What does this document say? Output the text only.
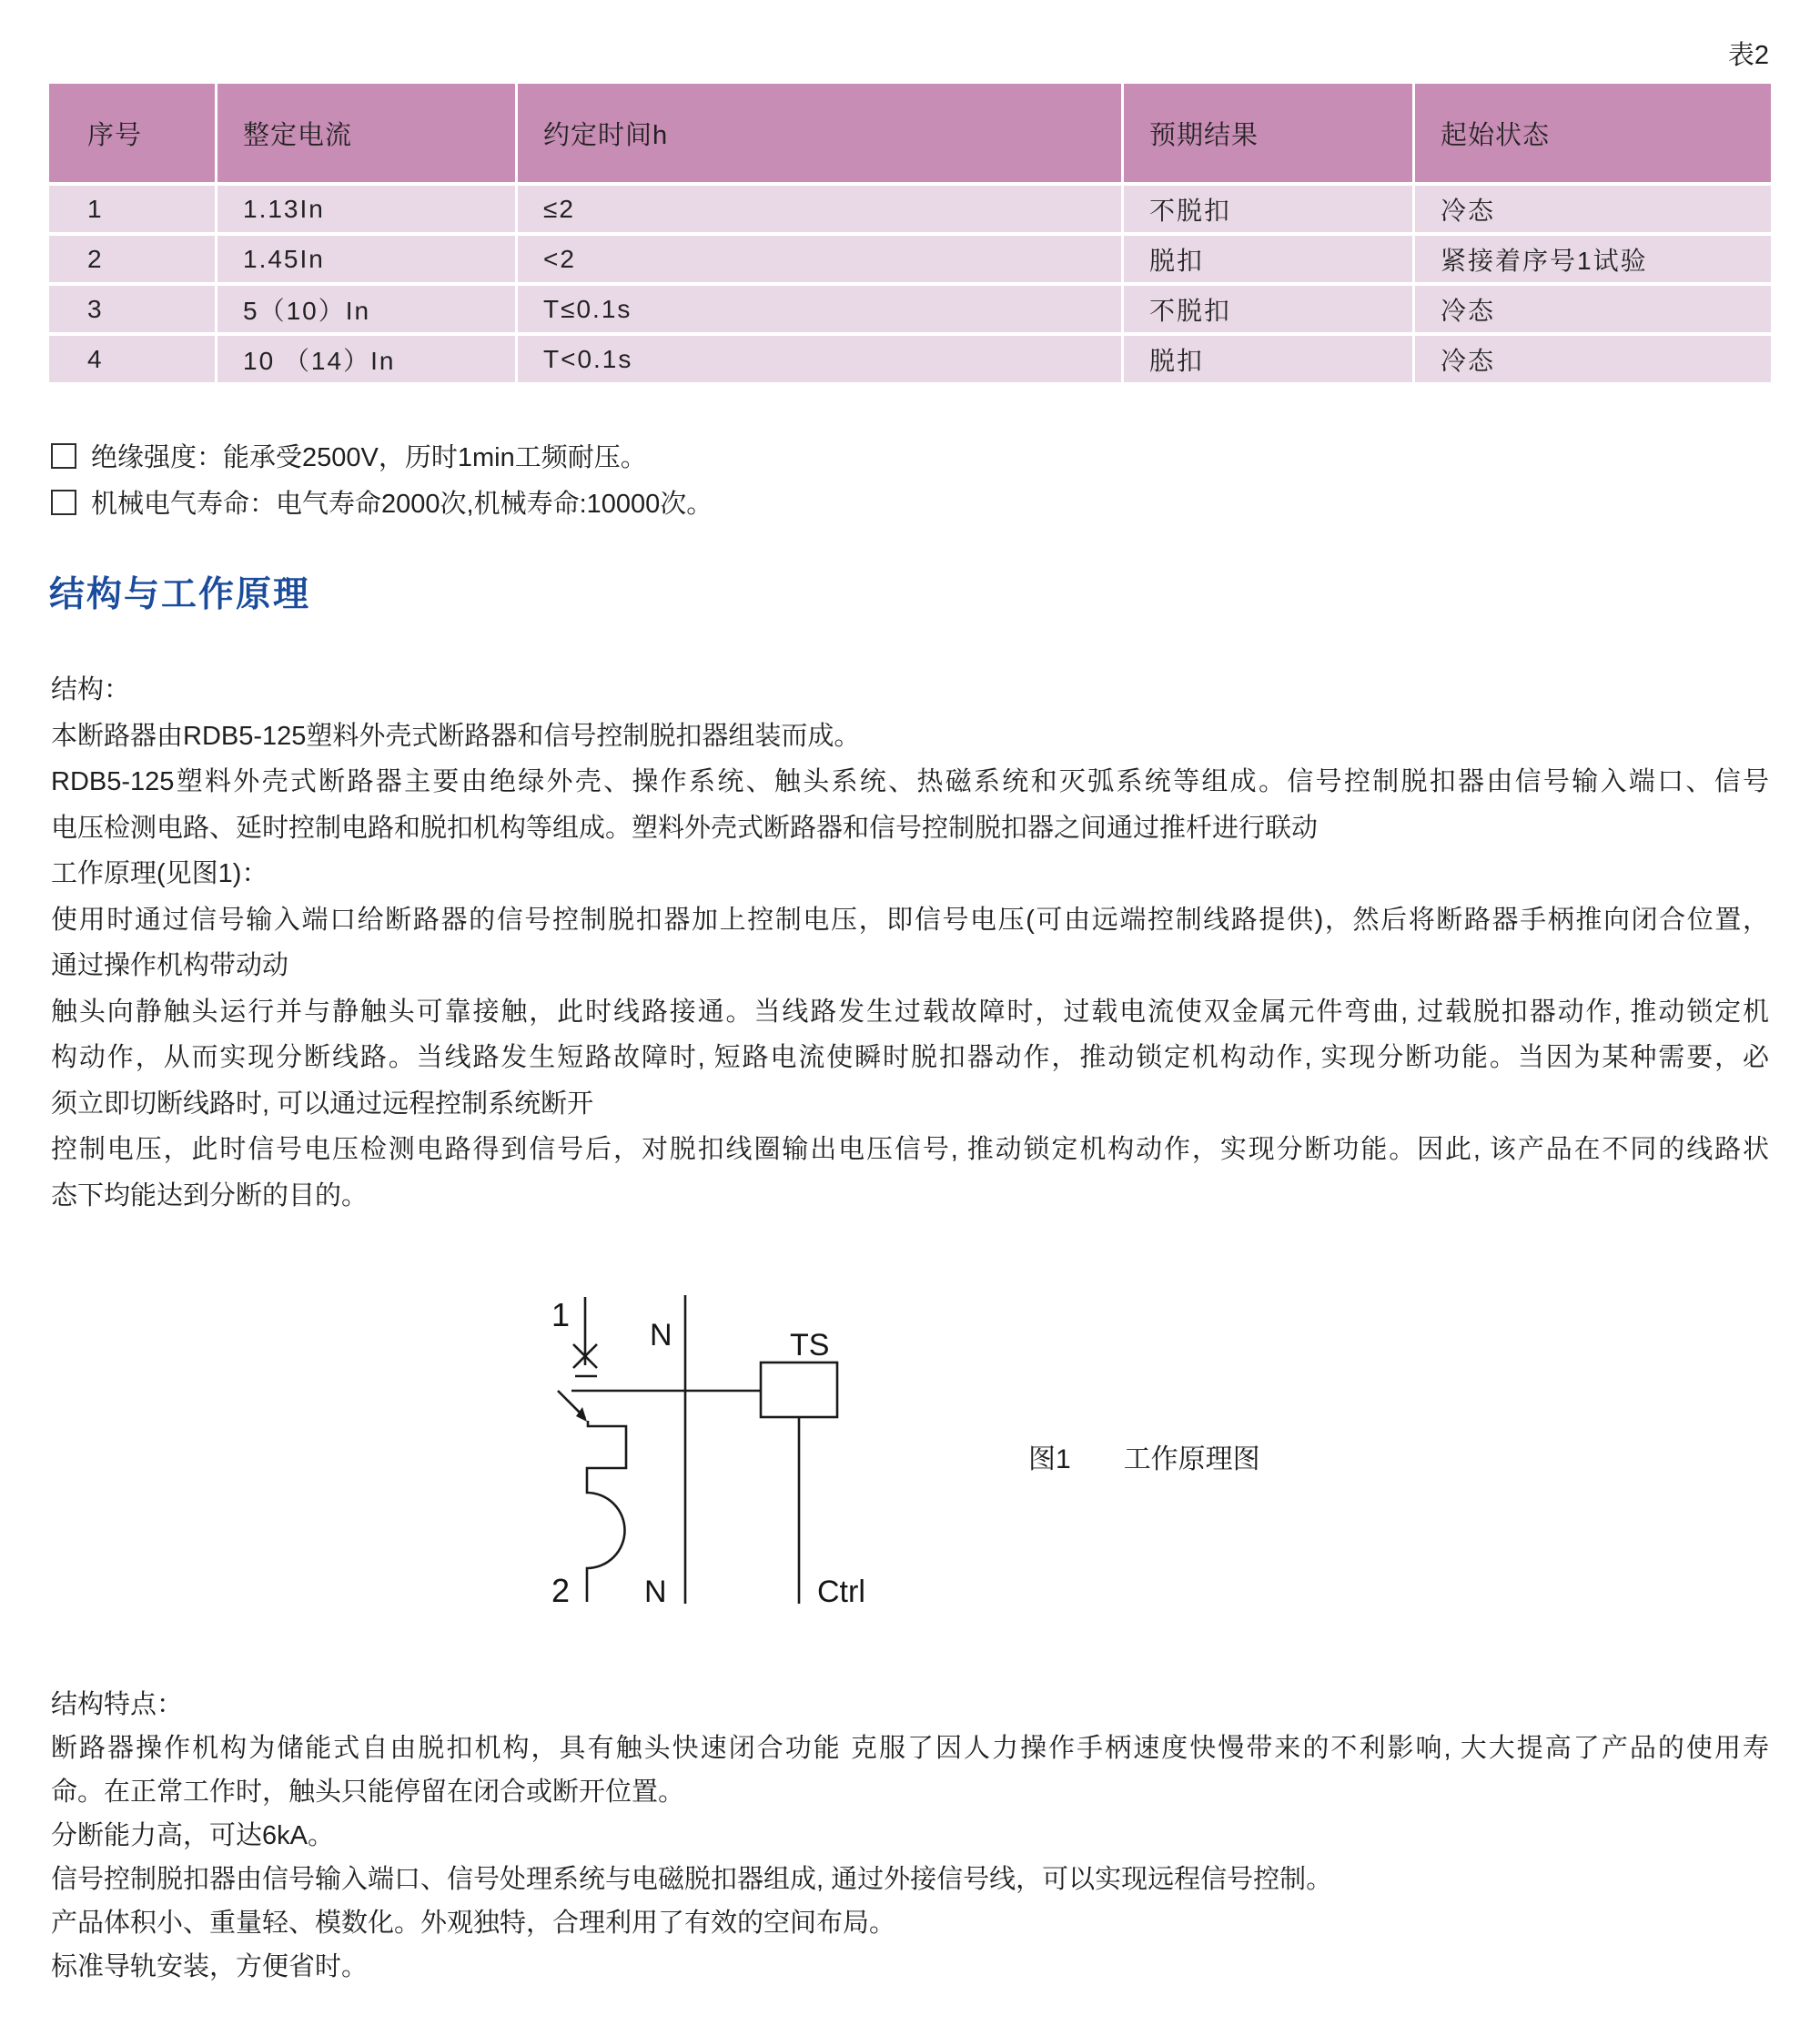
表2
序号	整定电流	约定时间h	预期结果	起始状态
1	1.13In	≤2	不脱扣	冷态
2	1.45In	<2	脱扣	紧接着序号1试验
3	5（10）In	T≤0.1s	不脱扣	冷态
4	10 （14）In	T<0.1s	脱扣	冷态
绝缘强度：能承受2500V，历时1min工频耐压。
机械电气寿命：电气寿命2000次,机械寿命:10000次。
结构与工作原理
结构：
本断路器由RDB5-125塑料外壳式断路器和信号控制脱扣器组装而成。
RDB5-125塑料外壳式断路器主要由绝绿外壳、操作系统、触头系统、热磁系统和灭弧系统等组成。信号控制脱扣器由信号输入端口、信号
电压检测电路、延时控制电路和脱扣机构等组成。塑料外壳式断路器和信号控制脱扣器之间通过推杄进行联动
工作原理(见图1)：
使用时通过信号输入端口给断路器的信号控制脱扣器加上控制电压，即信号电压(可由远端控制线路提供)，然后将断路器手柄推向闭合位置，
通过操作机构带动动
触头向静触头运行并与静触头可靠接触，此时线路接通。当线路发生过载故障时，过载电流使双金属元件弯曲, 过载脱扣器动作, 推动锁定机
构动作，从而实现分断线路。当线路发生短路故障时, 短路电流使瞬时脱扣器动作，推动锁定机构动作, 实现分断功能。当因为某种需要，必
须立即切断线路时, 可以通过远程控制系统断开
控制电压，此时信号电压检测电路得到信号后，对脱扣线圈输出电压信号, 推动锁定机构动作，实现分断功能。因此, 该产品在不同的线路状
态下均能达到分断的目的。
1
N	TS
2 N	Ctrl
图1 工作原理图
结构特点：
断路器操作机构为储能式自由脱扣机构，具有触头快速闭合功能 克服了因人力操作手柄速度快慢带来的不利影响, 大大提高了产品的使用寿
命。在正常工作时，触头只能停留在闭合或断开位置。
分断能力高，可达6kA。
信号控制脱扣器由信号输入端口、信号处理系统与电磁脱扣器组成, 通过外接信号线，可以实现远程信号控制。
产品体积小、重量轻、模数化。外观独特，合理利用了有效的空间布局。
标准导轨安装，方便省时。
